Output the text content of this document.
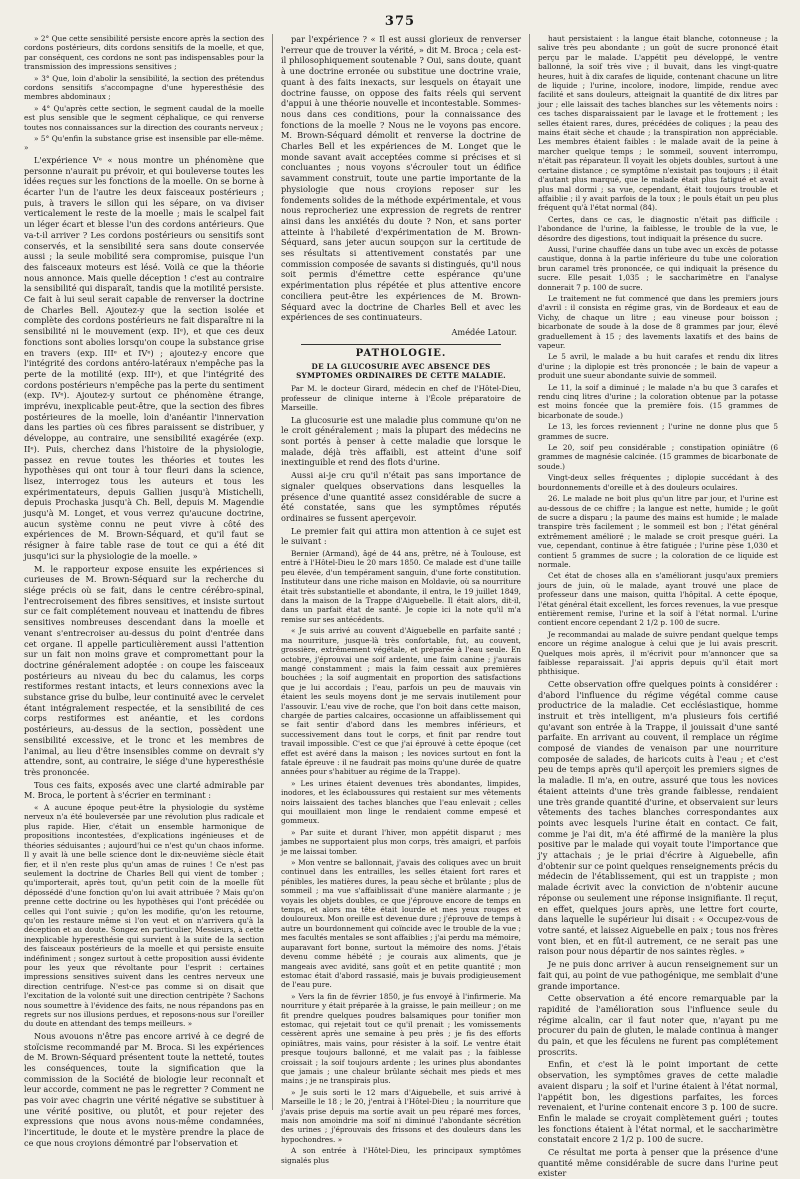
375

» 2° Que cette sensibilité persiste encore après la section des cordons postérieurs, dits cordons sensitifs de la moelle, et que, par conséquent, ces cordons ne sont pas indispensables pour la transmission des impressions sensitives ;

» 3° Que, loin d'abolir la sensibilité, la section des prétendus cordons sensitifs s'accompagne d'une hyperesthésie des membres abdominaux ;

» 4° Qu'après cette section, le segment caudal de la moelle est plus sensible que le segment céphalique, ce qui renverse toutes nos connaissances sur la direction des courants nerveux ;

» 5° Qu'enfin la substance grise est insensible par elle-même. »

L'expérience Vᵉ « nous montre un phénomène que personne n'aurait pu prévoir, et qui bouleverse toutes les idées reçues sur les fonctions de la moelle. On se borne à écarter l'un de l'autre les deux faisceaux postérieurs ; puis, à travers le sillon qui les sépare, on va diviser verticalement le reste de la moelle ; mais le scalpel fait un léger écart et blesse l'un des cordons antérieurs. Que va-t-il arriver ? Les cordons postérieurs ou sensitifs sont conservés, et la sensibilité sera sans doute conservée aussi ; la seule mobilité sera compromise, puisque l'un des faisceaux moteurs est lésé. Voilà ce que la théorie nous annonce. Mais quelle déception ! c'est au contraire la sensibilité qui disparaît, tandis que la motilité persiste. Ce fait à lui seul serait capable de renverser la doctrine de Charles Bell. Ajoutez-y que la section isolée et complète des cordons postérieurs ne fait disparaître ni la sensibilité ni le mouvement (exp. IIᵉ), et que ces deux fonctions sont abolies lorsqu'on coupe la substance grise en travers (exp. IIIᵉ et IVᵉ) ; ajoutez-y encore que l'intégrité des cordons antéro-latéraux n'empêche pas la perte de la motilité (exp. IIIᵉ), et que l'intégrité des cordons postérieurs n'empêche pas la perte du sentiment (exp. IVᵉ). Ajoutez-y surtout ce phénomène étrange, imprévu, inexplicable peut-être, que la section des fibres postérieures de la moelle, loin d'anéantir l'innervation dans les parties où ces fibres paraissent se distribuer, y développe, au contraire, une sensibilité exagérée (exp. IIᵉ). Puis, cherchez dans l'histoire de la physiologie, passez en revue toutes les théories et toutes les hypothèses qui ont tour à tour fleuri dans la science, lisez, interrogez tous les auteurs et tous les expérimentateurs, depuis Gallien jusqu'à Mistichelli, depuis Prochaska jusqu'à Ch. Bell, depuis M. Magendie jusqu'à M. Longet, et vous verrez qu'aucune doctrine, aucun système connu ne peut vivre à côté des expériences de M. Brown-Séquard, et qu'il faut se résigner à faire table rase de tout ce qui a été dit jusqu'ici sur la physiologie de la moelle. »

M. le rapporteur expose ensuite les expériences si curieuses de M. Brown-Séquard sur la recherche du siége précis où se fait, dans le centre cérébro-spinal, l'entrecroisement des fibres sensitives, et insiste surtout sur ce fait complétement nouveau et inattendu de fibres sensitives nombreuses descendant dans la moelle et venant s'entrecroiser au-dessus du point d'entrée dans cet organe. Il appelle particulièrement aussi l'attention sur un fait non moins grave et compromettant pour la doctrine généralement adoptée : on coupe les faisceaux postérieurs au niveau du bec du calamus, les corps restiformes restant intacts, et leurs connexions avec la substance grise du bulbe, leur continuité avec le cervelet étant intégralement respectée, et la sensibilité de ces corps restiformes est anéantie, et les cordons postérieurs, au-dessus de la section, possèdent une sensibilité excessive, et le tronc et les membres de l'animal, au lieu d'être insensibles comme on devrait s'y attendre, sont, au contraire, le siége d'une hyperesthésie très prononcée.

Tous ces faits, exposés avec une clarté admirable par M. Broca, le portent à s'écrier en terminant :

« A aucune époque peut-être la physiologie du système nerveux n'a été bouleversée par une révolution plus radicale et plus rapide. Hier, c'était un ensemble harmonique de propositions incontestées, d'explications ingénieuses et de théories séduisantes ; aujourd'hui ce n'est qu'un chaos informe. Il y avait là une belle science dont le dix-neuvième siècle était fier, et il n'en reste plus qu'un amas de ruines ! Ce n'est pas seulement la doctrine de Charles Bell qui vient de tomber ; qu'importerait, après tout, qu'un petit coin de la moelle fût dépossédé d'une fonction qu'on lui avait attribuée ? Mais qu'on prenne cette doctrine ou les hypothèses qui l'ont précédée ou celles qui l'ont suivie ; qu'on les modifie, qu'on les retourne, qu'on les restaure même si l'on veut et on n'arrivera qu'à la déception et au doute. Songez en particulier, Messieurs, à cette inexplicable hyperesthésie qui survient à la suite de la section des faisceaux postérieurs de la moelle et qui persiste ensuite indéfiniment ; songez surtout à cette proposition aussi évidente pour les yeux que révoltante pour l'esprit : certaines impressions sensitives suivent dans les centres nerveux une direction centrifuge. N'est-ce pas comme si on disait que l'excitation de la volonté suit une direction centripète ? Sachons nous soumettre à l'évidence des faits, ne nous répandons pas en regrets sur nos illusions perdues, et reposons-nous sur l'oreiller du doute en attendant des temps meilleurs. »

Nous avouons n'être pas encore arrivé à ce degré de stoïcisme recommandé par M. Broca. Si les expériences de M. Brown-Séquard présentent toute la netteté, toutes les conséquences, toute la signification que la commission de la Société de biologie leur reconnaît et leur accorde, comment ne pas le regretter ? Comment ne pas voir avec chagrin une vérité négative se substituer à une vérité positive, ou plutôt, et pour rejeter des expressions que nous avons nous-même condamnées, l'incertitude, le doute et le mystère prendre la place de ce que nous croyions démontré par l'observation et

par l'expérience ? « Il est aussi glorieux de renverser l'erreur que de trouver la vérité, » dit M. Broca ; cela est-il philosophiquement soutenable ? Oui, sans doute, quant à une doctrine erronée ou substitue une doctrine vraie, quant à des faits inexacts, sur lesquels on étayait une doctrine fausse, on oppose des faits réels qui servent d'appui à une théorie nouvelle et incontestable. Sommes-nous dans ces conditions, pour la connaissance des fonctions de la moelle ? Nous ne le voyons pas encore. M. Brown-Séquard démolit et renverse la doctrine de Charles Bell et les expériences de M. Longet que le monde savant avait acceptées comme si précises et si concluantes ; nous voyons s'écrouler tout un édifice savamment construit, toute une partie importante de la physiologie que nous croyions reposer sur les fondements solides de la méthode expérimentale, et vous nous reprocheriez une expression de regrets de rentrer ainsi dans les anxiétés du doute ? Non, et sans porter atteinte à l'habileté d'expérimentation de M. Brown-Séquard, sans jeter aucun soupçon sur la certitude de ses résultats si attentivement constatés par une commission composée de savants si distingués, qu'il nous soit permis d'émettre cette espérance qu'une expérimentation plus répétée et plus attentive encore conciliera peut-être les expériences de M. Brown-Séquard avec la doctrine de Charles Bell et avec les expériences de ses continuateurs.

Amédée Latour.
PATHOLOGIE.
DE LA GLUCOSURIE AVEC ABSENCE DES SYMPTOMES ORDINAIRES DE CETTE MALADIE.

Par M. le docteur Girard, médecin en chef de l'Hôtel-Dieu, professeur de clinique interne à l'École préparatoire de Marseille.

La glucosurie est une maladie plus commune qu'on ne le croit généralement ; mais la plupart des médecins ne sont portés à penser à cette maladie que lorsque le malade, déjà très affaibli, est atteint d'une soif inextinguible et rend des flots d'urine.

Aussi ai-je cru qu'il n'était pas sans importance de signaler quelques observations dans lesquelles la présence d'une quantité assez considérable de sucre a été constatée, sans que les symptômes réputés ordinaires se fussent aperçevoir.

Le premier fait qui attira mon attention à ce sujet est le suivant :

Bernier (Armand), âgé de 44 ans, prêtre, né à Toulouse, est entré à l'Hôtel-Dieu le 20 mars 1850. Ce malade est d'une taille peu élevée, d'un tempérament sanguin, d'une forte constitution. Instituteur dans une riche maison en Moldavie, où sa nourriture était très substantielle et abondante, il entra, le 19 juillet 1849, dans la maison de la Trappe d'Aiguebelle. Il était alors, dit-il, dans un parfait état de santé. Je copie ici la note qu'il m'a remise sur ses antécédents.

« Je suis arrivé au couvent d'Aiguebelle en parfaite santé ; ma nourriture, jusque-là très confortable, fut, au couvent, grossière, extrêmement végétale, et préparée à l'eau seule. En octobre, j'éprouvai une soif ardente, une faim canine ; j'aurais mangé constamment ; mais la faim cessait aux premières bouchées ; la soif augmentait en proportion des satisfactions que je lui accordais ; l'eau, parfois un peu de mauvais vin étaient les seuls moyens dont je me servais inutilement pour l'assouvir. L'eau vive de roche, que l'on boit dans cette maison, chargée de parties calcaires, occasionne un affaiblissement qui se fait sentir d'abord dans les membres inférieurs, et successivement dans tout le corps, et finit par rendre tout travail impossible. C'est ce que j'ai éprouvé à cette époque (cet effet est avéré dans la maison ; les novices surtout en font la fatale épreuve : il ne faudrait pas moins qu'une durée de quatre années pour s'habituer au régime de la Trappe).

» Les urines étaient devenues très abondantes, limpides, inodores, et les éclaboussures qui restaient sur mes vêtements noirs laissaient des taches blanches que l'eau enlevait ; celles qui mouillaient mon linge le rendaient comme empesé et gommeux.

» Par suite et durant l'hiver, mon appétit disparut ; mes jambes ne supportaient plus mon corps, très amaigri, et parfois je me laissai tomber.

» Mon ventre se ballonnait, j'avais des coliques avec un bruit continuel dans les entrailles, les selles étaient fort rares et pénibles, les matières dures, la peau sèche et brûlante ; plus de sommeil ; ma vue s'affaiblissait d'une manière alarmante ; je voyais les objets doubles, ce que j'éprouve encore de temps en temps, et alors ma tête était lourde et mes yeux rouges et douloureux. Mon oreille est devenue dure ; j'éprouve de temps à autre un bourdonnement qui coïncide avec le trouble de la vue ; mes facultés mentales se sont affaiblies ; j'ai perdu ma mémoire, auparavant fort bonne, surtout la mémoire des noms. J'étais devenu comme hébété ; je courais aux aliments, que je mangeais avec avidité, sans goût et en petite quantité ; mon estomac était d'abord rassasié, mais je buvais prodigieusement de l'eau pure.

» Vers la fin de février 1850, je fus envoyé à l'infirmerie. Ma nourriture y était préparée à la graisse, le pain meilleur ; on me fit prendre quelques poudres balsamiques pour tonifier mon estomac, qui rejetait tout ce qu'il prenait ; les vomissements cessèrent après une semaine à peu près ; je fis des efforts opiniâtres, mais vains, pour résister à la soif. Le ventre était presque toujours ballonné, et me valait pas ; la faiblesse croissait ; la soif toujours ardente ; les urines plus abondantes que jamais ; une chaleur brûlante séchait mes pieds et mes mains ; je ne transpirais plus.

» Je suis sorti le 12 mars d'Aiguebelle, et suis arrivé à Marseille le 18 ; le 20, j'entrai à l'Hôtel-Dieu ; la nourriture que j'avais prise depuis ma sortie avait un peu réparé mes forces, mais non amoindrie ma soif ni diminué l'abondante sécrétion des urines ; j'éprouvais des frissons et des douleurs dans les hypochondres. »

A son entrée à l'Hôtel-Dieu, les principaux symptômes signalés plus

haut persistaient : la langue était blanche, cotonneuse ; la salive très peu abondante ; un goût de sucre prononcé était perçu par le malade. L'appétit peu développé, le ventre ballonné, la soif très vive ; il buvait, dans les vingt-quatre heures, huit à dix carafes de liquide, contenant chacune un litre de liquide ; l'urine, incolore, inodore, limpide, rendue avec facilité et sans douleurs, atteignait la quantité de dix litres par jour ; elle laissait des taches blanches sur les vêtements noirs : ces taches disparaissaient par le lavage et le frottement ; les selles étaient rares, dures, précédées de coliques ; la peau des mains était sèche et chaude ; la transpiration non appréciable. Les membres étaient faibles : le malade avait de la peine à marcher quelque temps ; le sommeil, souvent interrompu, n'était pas réparateur. Il voyait les objets doubles, surtout à une certaine distance ; ce symptôme n'existait pas toujours ; il était d'autant plus marqué, que le malade était plus fatigué et avait plus mal dormi ; sa vue, cependant, était toujours trouble et affaiblie ; il y avait parfois de la toux ; le pouls était un peu plus fréquent qu'à l'état normal (84).

Certes, dans ce cas, le diagnostic n'était pas difficile : l'abondance de l'urine, la faiblesse, le trouble de la vue, le désordre des digestions, tout indiquait la présence du sucre.

Aussi, l'urine chauffée dans un tube avec un excès de potasse caustique, donna à la partie inférieure du tube une coloration brun caramel très prononcée, ce qui indiquait la présence du sucre. Elle pesait 1,035 ; le saccharimètre en l'analyse donnerait 7 p. 100 de sucre.

Le traitement ne fut commencé que dans les premiers jours d'avril : il consista en régime gras, vin de Bordeaux et eau de Vichy, de chaque un litre ; eau vineuse pour boisson ; bicarbonate de soude à la dose de 8 grammes par jour, élevé graduellement à 15 ; des lavements laxatifs et des bains de vapeur.

Le 5 avril, le malade a bu huit carafes et rendu dix litres d'urine ; la diplopie est très prononcée ; le bain de vapeur a produit une sueur abondante suivie de sommeil.

Le 11, la soif a diminué ; le malade n'a bu que 3 carafes et rendu cinq litres d'urine ; la coloration obtenue par la potasse est moins foncée que la première fois. (15 grammes de bicarbonate de soude.)

Le 13, les forces reviennent ; l'urine ne donne plus que 5 grammes de sucre.

Le 20, soif peu considérable ; constipation opiniâtre (6 grammes de magnésie calcinée. (15 grammes de bicarbonate de soude.)

Vingt-deux selles fréquentes ; diplopie succédant à des bourdonnements d'oreille et à des douleurs oculaires.

26. Le malade ne boit plus qu'un litre par jour, et l'urine est au-dessous de ce chiffre ; la langue est nette, humide ; le goût de sucre a disparu ; la paume des mains est humide ; le malade transpire très facilement ; le sommeil est bon ; l'état général extrêmement amélioré ; le malade se croit presque guéri. La vue, cependant, continue à être fatiguée ; l'urine pèse 1,030 et contient 5 grammes de sucre ; la coloration de ce liquide est normale.

Cet état de choses alla en s'améliorant jusqu'aux premiers jours de juin, où le malade, ayant trouvé une place de professeur dans une maison, quitta l'hôpital. A cette époque, l'état général était excellent, les forces revenues, la vue presque entièrement remise, l'urine et la soif à l'état normal. L'urine contient encore cependant 2 1/2 p. 100 de sucre.

Je recommandai au malade de suivre pendant quelque temps encore un régime analogue à celui que je lui avais prescrit. Quelques mois après, il m'écrivit pour m'annoncer que sa faiblesse reparaissait. J'ai appris depuis qu'il était mort phthisique.

Cette observation offre quelques points à considérer : d'abord l'influence du régime végétal comme cause productrice de la maladie. Cet ecclésiastique, homme instruit et très intelligent, m'a plusieurs fois certifié qu'avant son entrée à la Trappe, il jouissait d'une santé parfaite. En arrivant au couvent, il remplace un régime composé de viandes de venaison par une nourriture composée de salades, de haricots cuits à l'eau ; et c'est peu de temps après qu'il aperçoit les premiers signes de la maladie. Il m'a, en outre, assuré que tous les novices étaient atteints d'une très grande faiblesse, rendaient une très grande quantité d'urine, et observaient sur leurs vêtements des taches blanches correspondantes aux points avec lesquels l'urine était en contact. Ce fait, comme je l'ai dit, m'a été affirmé de la manière la plus positive par le malade qui voyait toute l'importance que j'y attachais ; je le priai d'écrire à Aiguebelle, afin d'obtenir sur ce point quelques renseignements précis du médecin de l'établissement, qui est un trappiste ; mon malade écrivit avec la conviction de n'obtenir aucune réponse ou seulement une réponse insignifiante. Il reçut, en effet, quelques jours après, une lettre fort courte, dans laquelle le supérieur lui disait : « Occupez-vous de votre santé, et laissez Aiguebelle en paix ; tous nos frères vont bien, et en fût-il autrement, ce ne serait pas une raison pour nous départir de nos saintes règles. »

Je ne puis donc arriver à aucun renseignement sur un fait qui, au point de vue pathogénique, me semblait d'une grande importance.

Cette observation a été encore remarquable par la rapidité de l'amélioration sous l'influence seule du régime alcalin, car il faut noter que, n'ayant pu me procurer du pain de gluten, le malade continua à manger du pain, et que les féculens ne furent pas complétement proscrits.

Enfin, et c'est là le point important de cette observation, les symptômes graves de cette maladie avaient disparu ; la soif et l'urine étaient à l'état normal, l'appétit bon, les digestions parfaites, les forces revenaient, et l'urine contenait encore 3 p. 100 de sucre. Enfin le malade se croyait complètement guéri ; toutes les fonctions étaient à l'état normal, et le saccharimètre constatait encore 2 1/2 p. 100 de sucre.

Ce résultat me porta à penser que la présence d'une quantité même considérable de sucre dans l'urine peut exister
